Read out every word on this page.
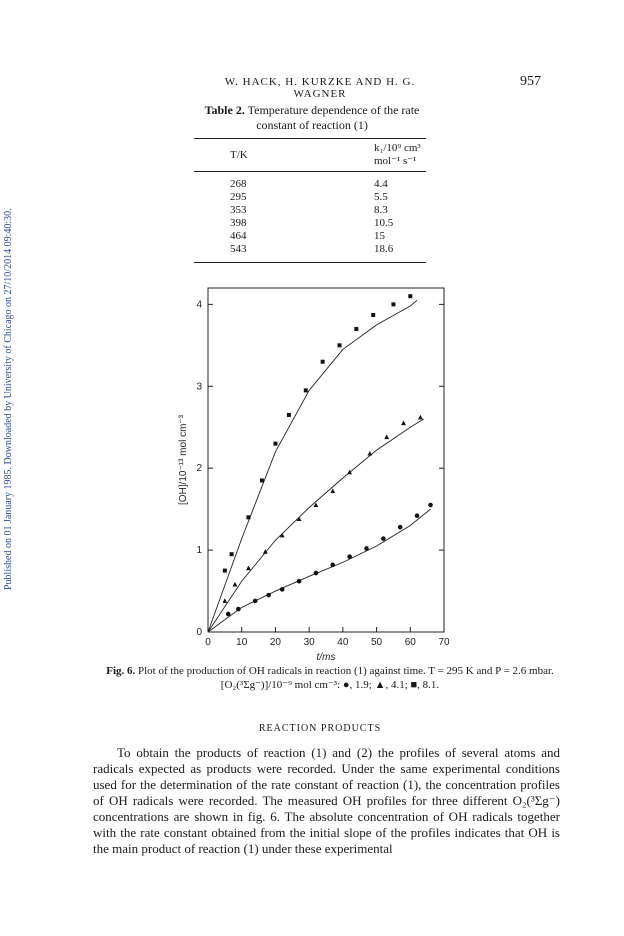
Published on 01 January 1985. Downloaded by University of Chicago on 27/10/2014 09:40:30.
W. HACK, H. KURZKE AND H. G. WAGNER
957
Table 2. Temperature dependence of the rate constant of reaction (1)
T/K	k₁/10⁹ cm³ mol⁻¹ s⁻¹
268	4.4
295	5.5
353	8.3
398	10.5
464	15
543	18.6
0	10 20 30 40 50 60 70
0
1
2
3
4
t/ms
[OH]/10⁻¹³ mol cm⁻³
Fig. 6. Plot of the production of OH radicals in reaction (1) against time. T = 295 K and P = 2.6 mbar. [O₂(³Σg⁻)]/10⁻⁹ mol cm⁻³: ●, 1.9; ▲, 4.1; ■, 8.1.
REACTION PRODUCTS

To obtain the products of reaction (1) and (2) the profiles of several atoms and radicals expected as products were recorded. Under the same experimental conditions used for the determination of the rate constant of reaction (1), the concentration profiles of OH radicals were recorded. The measured OH profiles for three different O₂(³Σg⁻) concentrations are shown in fig. 6. The absolute concentration of OH radicals together with the rate constant obtained from the initial slope of the profiles indicates that OH is the main product of reaction (1) under these experimental
